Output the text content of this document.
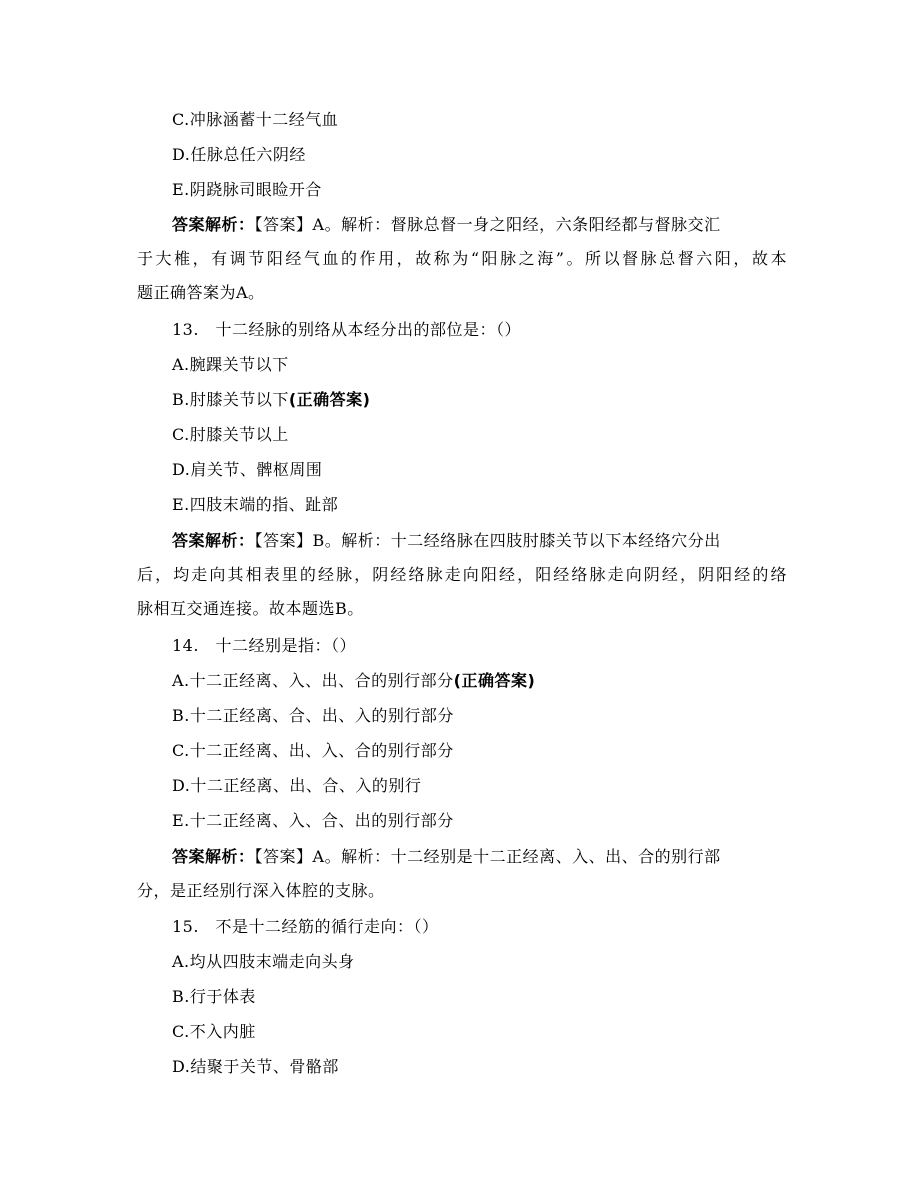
C.冲脉涵蓄十二经气血
D.任脉总任六阴经
E.阴跷脉司眼睑开合
答案解析：【答案】A。解析：督脉总督一身之阳经，六条阳经都与督脉交汇
于大椎，有调节阳经气血的作用，故称为“阳脉之海”。所以督脉总督六阳，故本
题正确答案为A。
13.　十二经脉的别络从本经分出的部位是：（）
A.腕踝关节以下
B.肘膝关节以下(正确答案)
C.肘膝关节以上
D.肩关节、髀枢周围
E.四肢末端的指、趾部
答案解析：【答案】B。解析：十二经络脉在四肢肘膝关节以下本经络穴分出
后，均走向其相表里的经脉，阴经络脉走向阳经，阳经络脉走向阴经，阴阳经的络
脉相互交通连接。故本题选B。
14.　十二经别是指：（）
A.十二正经离、入、出、合的别行部分(正确答案)
B.十二正经离、合、出、入的别行部分
C.十二正经离、出、入、合的别行部分
D.十二正经离、出、合、入的别行
E.十二正经离、入、合、出的别行部分
答案解析：【答案】A。解析：十二经别是十二正经离、入、出、合的别行部
分，是正经别行深入体腔的支脉。
15.　不是十二经筋的循行走向：（）
A.均从四肢末端走向头身
B.行于体表
C.不入内脏
D.结聚于关节、骨骼部
